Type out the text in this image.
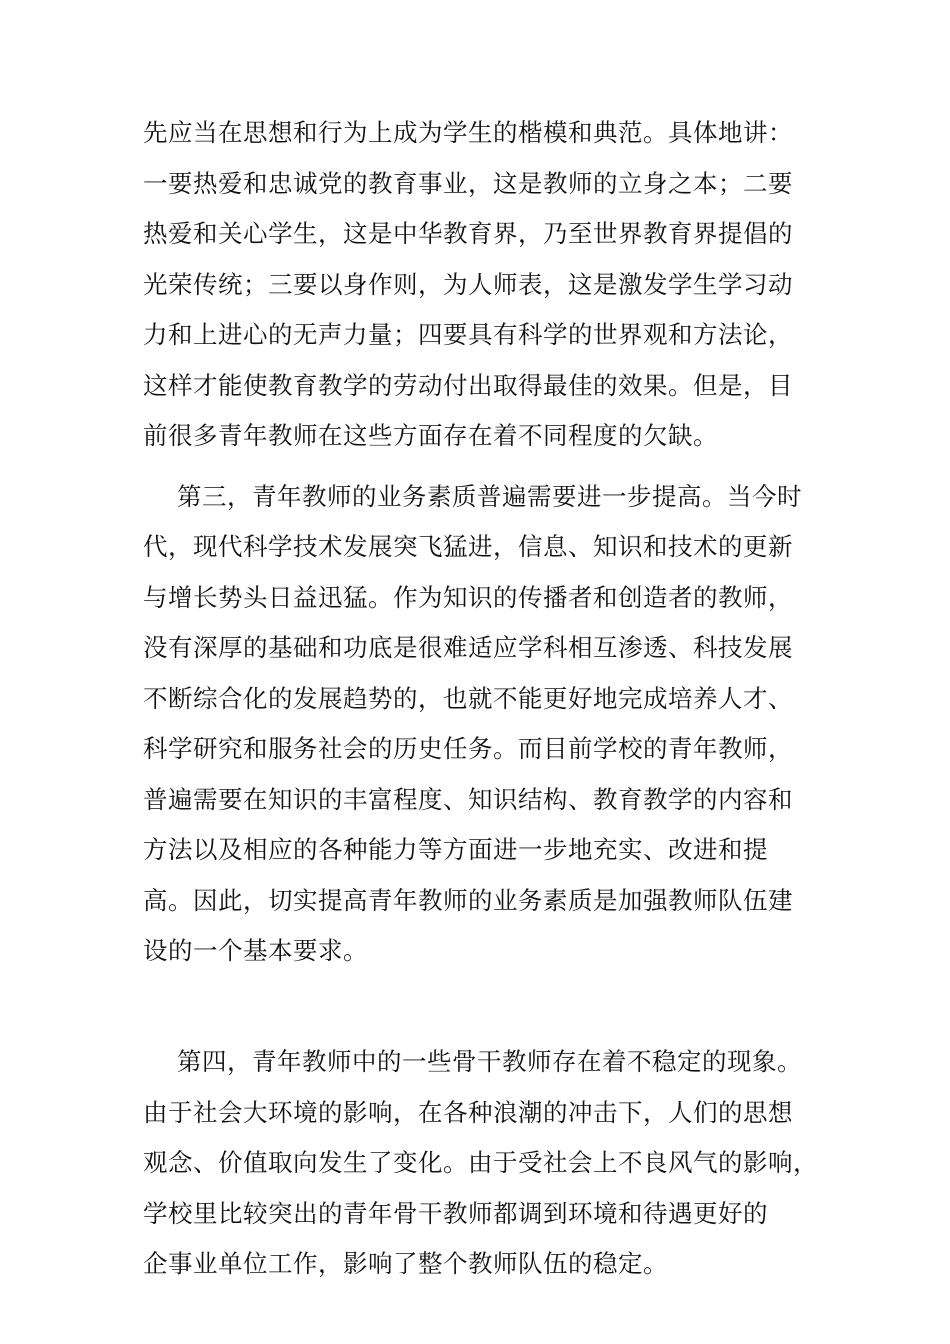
先应当在思想和行为上成为学生的楷模和典范。具体地讲：
一要热爱和忠诚党的教育事业，这是教师的立身之本；二要
热爱和关心学生，这是中华教育界，乃至世界教育界提倡的
光荣传统；三要以身作则，为人师表，这是激发学生学习动
力和上进心的无声力量；四要具有科学的世界观和方法论，
这样才能使教育教学的劳动付出取得最佳的效果。但是，目
前很多青年教师在这些方面存在着不同程度的欠缺。
第三，青年教师的业务素质普遍需要进一步提高。当今时
代，现代科学技术发展突飞猛进，信息、知识和技术的更新
与增长势头日益迅猛。作为知识的传播者和创造者的教师，
没有深厚的基础和功底是很难适应学科相互渗透、科技发展
不断综合化的发展趋势的，也就不能更好地完成培养人才、
科学研究和服务社会的历史任务。而目前学校的青年教师，
普遍需要在知识的丰富程度、知识结构、教育教学的内容和
方法以及相应的各种能力等方面进一步地充实、改进和提
高。因此，切实提高青年教师的业务素质是加强教师队伍建
设的一个基本要求。
第四，青年教师中的一些骨干教师存在着不稳定的现象。
由于社会大环境的影响，在各种浪潮的冲击下，人们的思想
观念、价值取向发生了变化。由于受社会上不良风气的影响，
学校里比较突出的青年骨干教师都调到环境和待遇更好的
企事业单位工作，影响了整个教师队伍的稳定。
